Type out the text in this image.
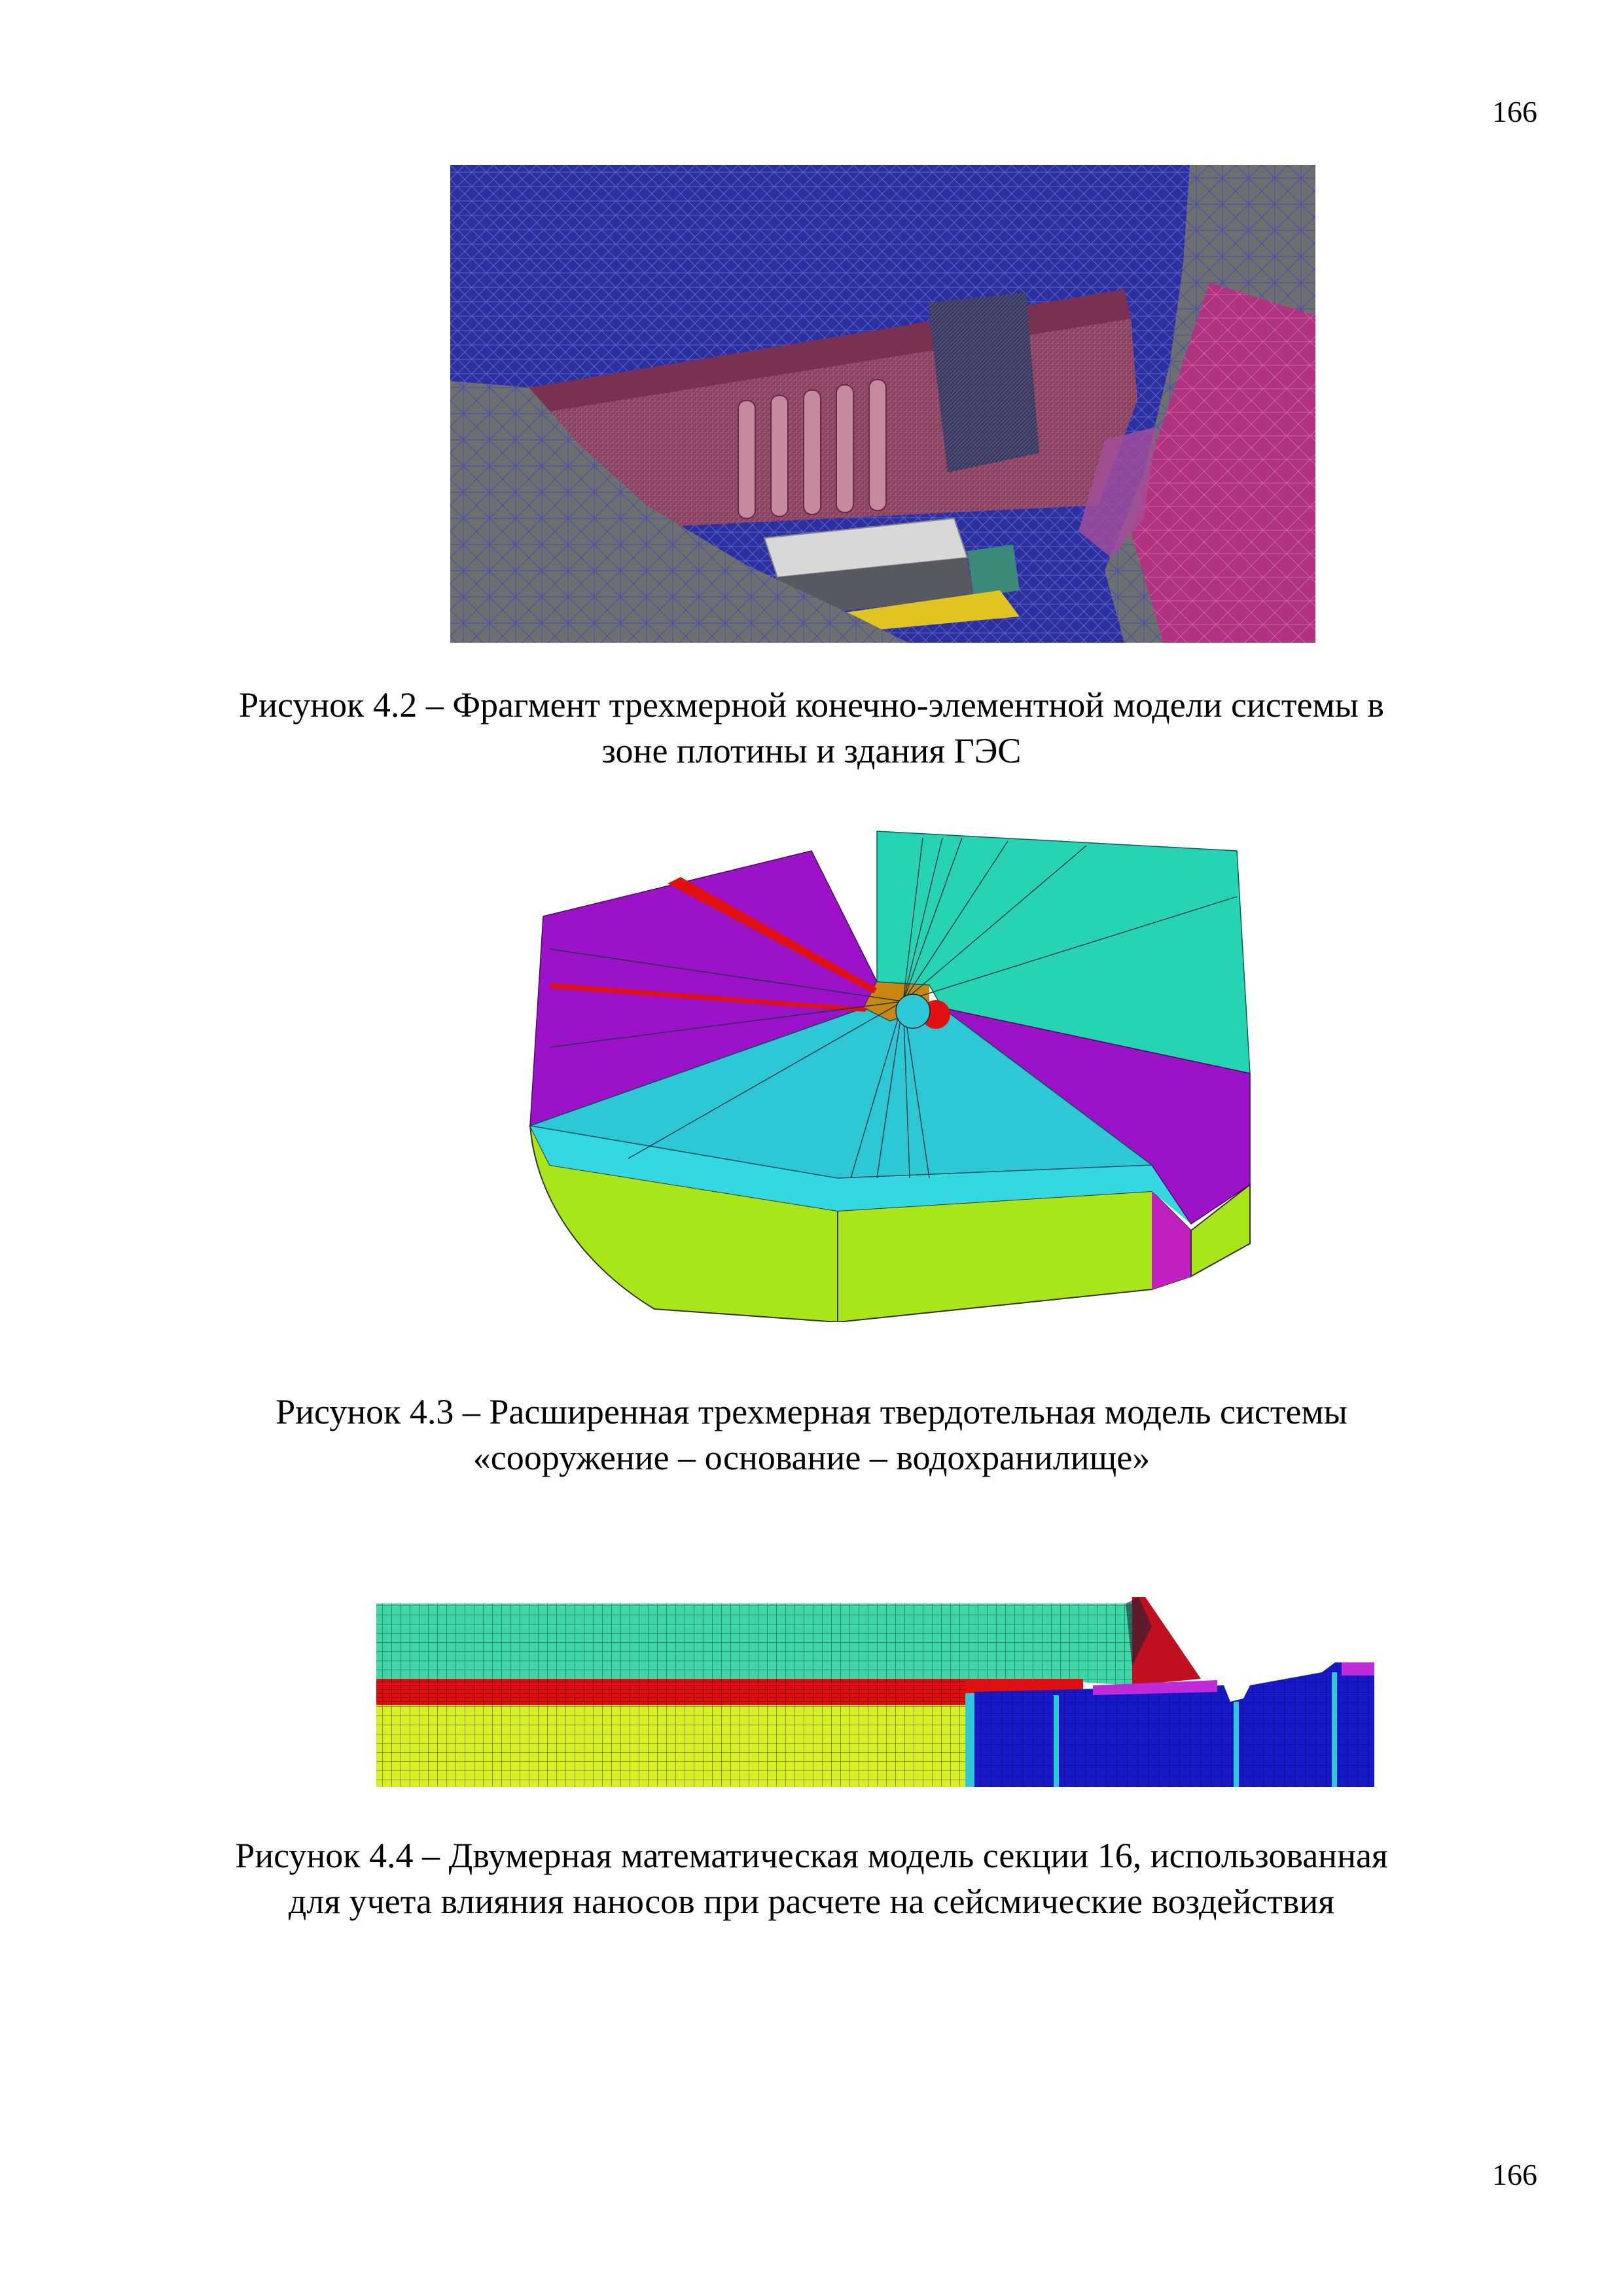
166

Рисунок 4.2 – Фрагмент трехмерной конечно-элементной модели системы в
зоне плотины и здания ГЭС

Рисунок 4.3 – Расширенная трехмерная твердотельная модель системы
«сооружение – основание – водохранилище»

Рисунок 4.4 – Двумерная математическая модель секции 16, использованная
для учета влияния наносов при расчете на сейсмические воздействия

166
